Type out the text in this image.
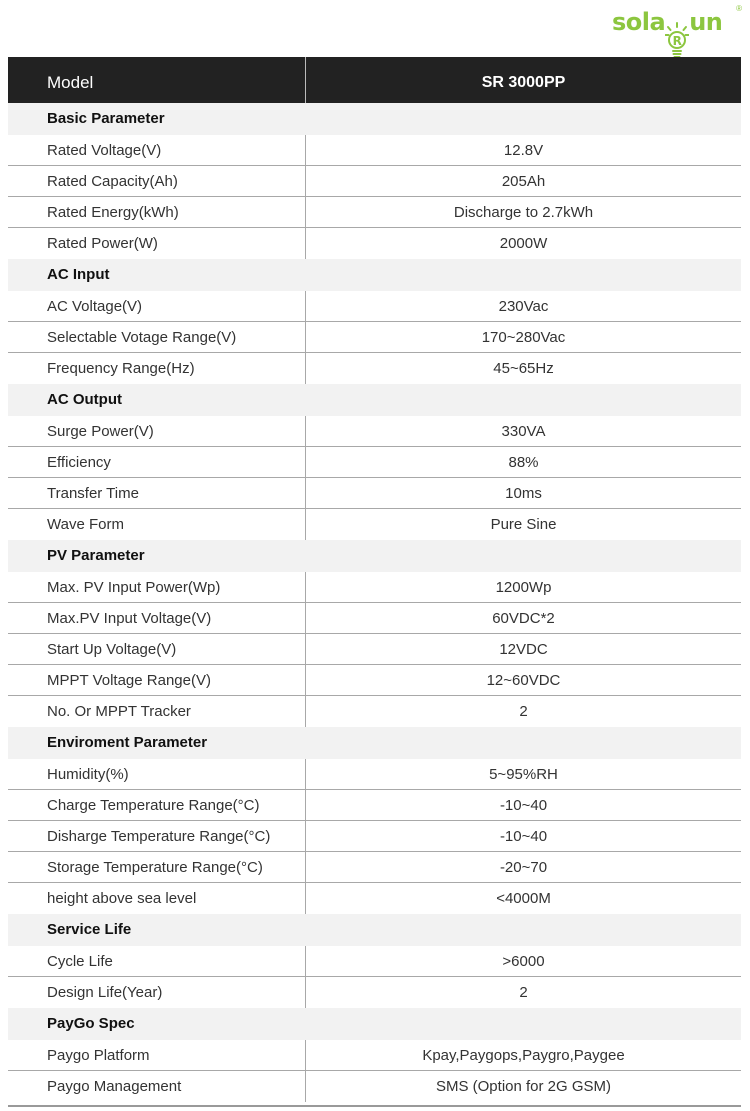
sola
R
un ®
Model	SR 3000PP
Basic Parameter
Rated Voltage(V)	12.8V
Rated Capacity(Ah)	205Ah
Rated Energy(kWh)	Discharge to 2.7kWh
Rated Power(W)	2000W
AC Input
AC Voltage(V)	230Vac
Selectable Votage Range(V)	170~280Vac
Frequency Range(Hz)	45~65Hz
AC Output
Surge Power(V)	330VA
Efficiency	88%
Transfer Time	10ms
Wave Form	Pure Sine
PV Parameter
Max. PV Input Power(Wp)	1200Wp
Max.PV Input Voltage(V)	60VDC*2
Start Up Voltage(V)	12VDC
MPPT Voltage Range(V)	12~60VDC
No. Or MPPT Tracker	2
Enviroment Parameter
Humidity(%)	5~95%RH
Charge Temperature Range(°C)	-10~40
Disharge Temperature Range(°C)	-10~40
Storage Temperature Range(°C)	-20~70
height above sea level	<4000M
Service Life
Cycle Life	>6000
Design Life(Year)	2
PayGo Spec
Paygo Platform	Kpay,Paygops,Paygro,Paygee
Paygo Management	SMS (Option for 2G GSM)
